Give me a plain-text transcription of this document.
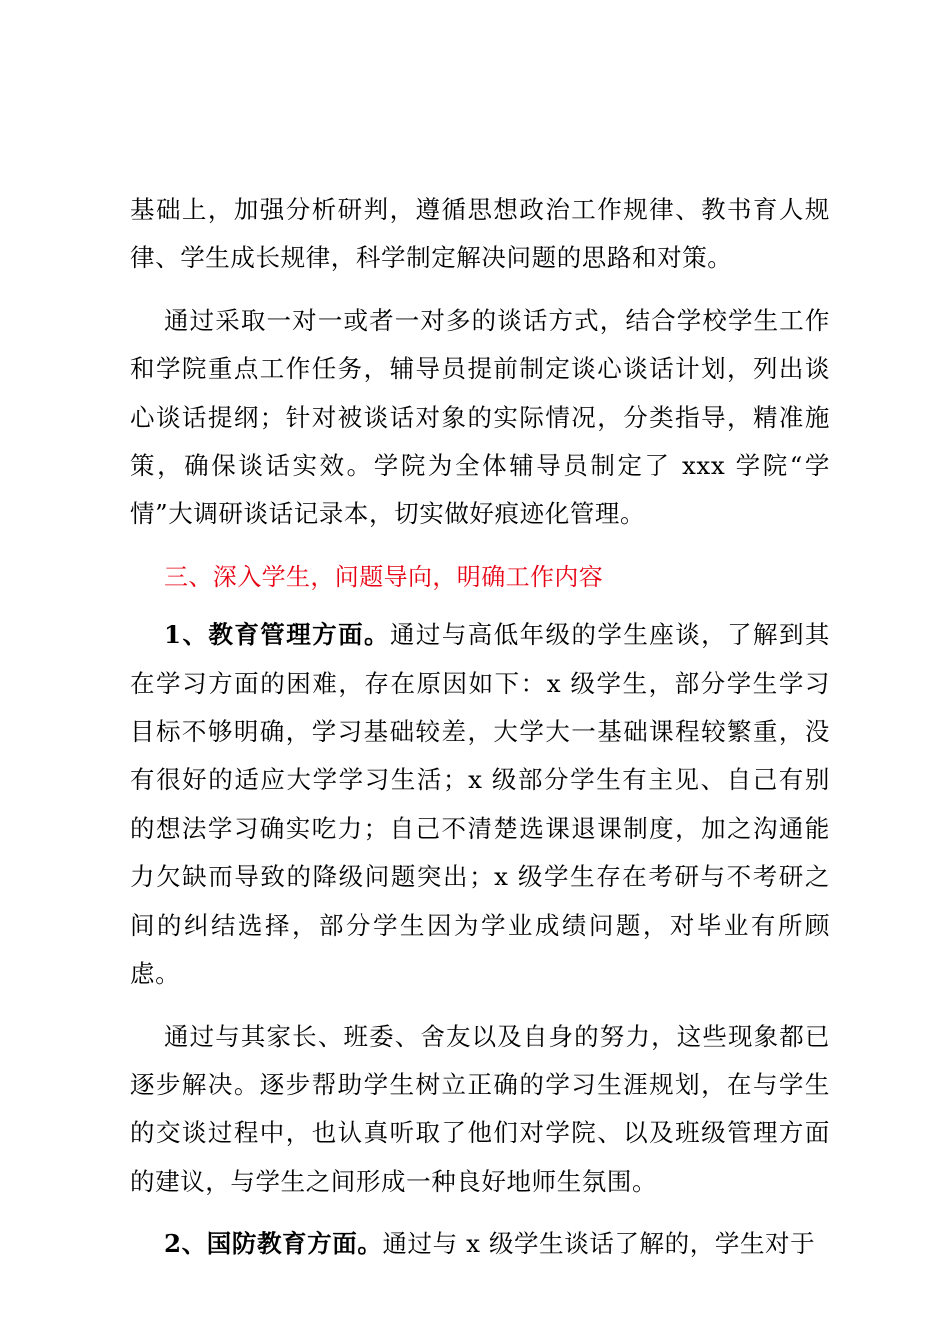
基础上，加强分析研判，遵循思想政治工作规律、教书育人规律、学生成长规律，科学制定解决问题的思路和对策。

通过采取一对一或者一对多的谈话方式，结合学校学生工作和学院重点工作任务，辅导员提前制定谈心谈话计划，列出谈心谈话提纲；针对被谈话对象的实际情况，分类指导，精准施策，确保谈话实效。学院为全体辅导员制定了 xxx 学院“学情”大调研谈话记录本，切实做好痕迹化管理。

三、深入学生，问题导向，明确工作内容

1、教育管理方面。通过与高低年级的学生座谈，了解到其在学习方面的困难，存在原因如下：x 级学生，部分学生学习目标不够明确，学习基础较差，大学大一基础课程较繁重，没有很好的适应大学学习生活；x 级部分学生有主见、自己有别的想法学习确实吃力；自己不清楚选课退课制度，加之沟通能力欠缺而导致的降级问题突出；x 级学生存在考研与不考研之间的纠结选择，部分学生因为学业成绩问题，对毕业有所顾虑。

通过与其家长、班委、舍友以及自身的努力，这些现象都已逐步解决。逐步帮助学生树立正确的学习生涯规划，在与学生的交谈过程中，也认真听取了他们对学院、以及班级管理方面的建议，与学生之间形成一种良好地师生氛围。

2、国防教育方面。通过与 x 级学生谈话了解的，学生对于
